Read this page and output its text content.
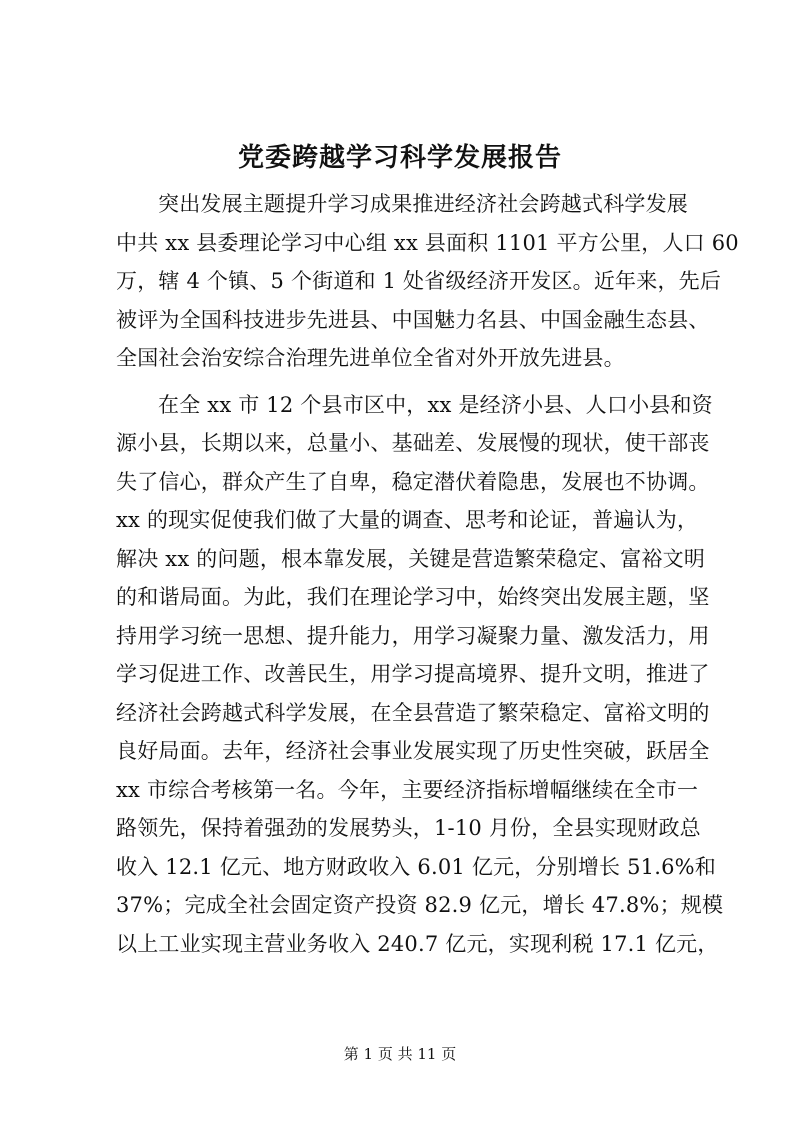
党委跨越学习科学发展报告
突出发展主题提升学习成果推进经济社会跨越式科学发展
中共 xx 县委理论学习中心组 xx 县面积 1101 平方公里，人口 60
万，辖 4 个镇、5 个街道和 1 处省级经济开发区。近年来，先后
被评为全国科技进步先进县、中国魅力名县、中国金融生态县、
全国社会治安综合治理先进单位全省对外开放先进县。
在全 xx 市 12 个县市区中，xx 是经济小县、人口小县和资
源小县，长期以来，总量小、基础差、发展慢的现状，使干部丧
失了信心，群众产生了自卑，稳定潜伏着隐患，发展也不协调。
xx 的现实促使我们做了大量的调查、思考和论证，普遍认为，
解决 xx 的问题，根本靠发展，关键是营造繁荣稳定、富裕文明
的和谐局面。为此，我们在理论学习中，始终突出发展主题，坚
持用学习统一思想、提升能力，用学习凝聚力量、激发活力，用
学习促进工作、改善民生，用学习提高境界、提升文明，推进了
经济社会跨越式科学发展，在全县营造了繁荣稳定、富裕文明的
良好局面。去年，经济社会事业发展实现了历史性突破，跃居全
xx 市综合考核第一名。今年，主要经济指标增幅继续在全市一
路领先，保持着强劲的发展势头，1-10 月份，全县实现财政总
收入 12.1 亿元、地方财政收入 6.01 亿元，分别增长 51.6%和
37%；完成全社会固定资产投资 82.9 亿元，增长 47.8%；规模
以上工业实现主营业务收入 240.7 亿元，实现利税 17.1 亿元，
第 1 页 共 11 页
